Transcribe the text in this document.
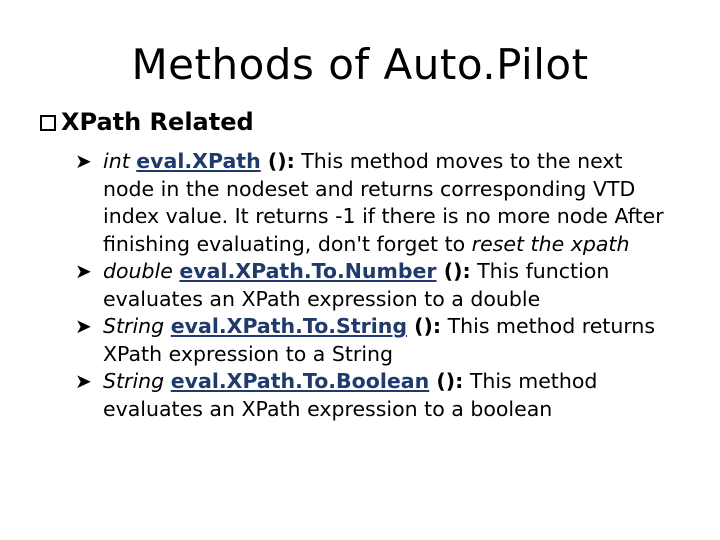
Methods of Auto.Pilot
XPath Related

➤ int eval.XPath (): This method moves to the next node in the nodeset and returns corresponding VTD index value. It returns -1 if there is no more node After finishing evaluating, don't forget to reset the xpath

➤ double eval.XPath.To.Number (): This function evaluates an XPath expression to a double

➤ String eval.XPath.To.String (): This method returns XPath expression to a String

➤ String eval.XPath.To.Boolean (): This method evaluates an XPath expression to a boolean
